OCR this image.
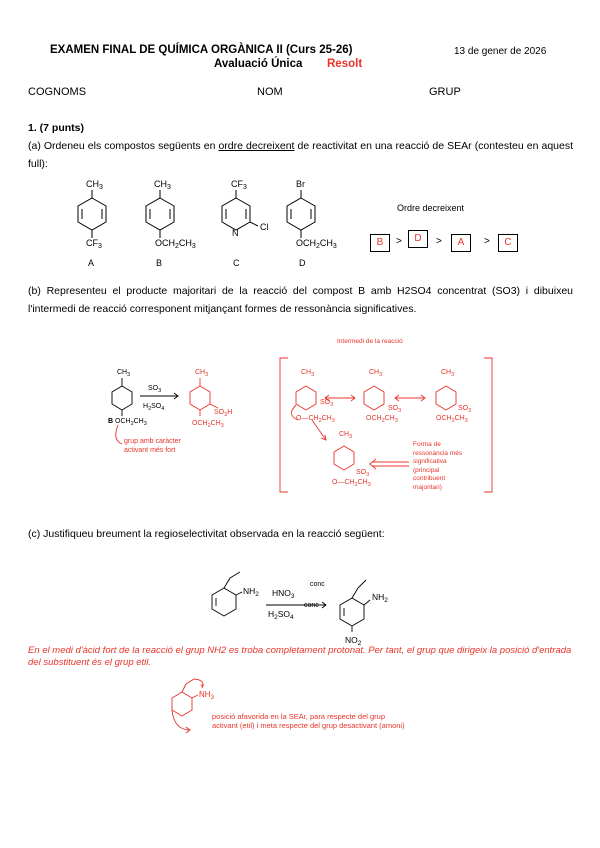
EXAMEN FINAL DE QUÍMICA ORGÀNICA II (Curs 25-26)
Avaluació Única Resolt
13 de gener de 2026
COGNOMS	NOM	GRUP
1. (7 punts)
(a) Ordeneu els compostos següents en ordre decreixent de reactivitat en una reacció de SEAr (contesteu en aquest full):
$CH_3$
$CF_3$
$CH_3$
$OCH_2CH_3$
$CF_3$
N
Cl
Br
$OCH_2CH_3$
A	B	C	D
$CH_3$
B $OCH_2CH_3$
$SO_3$
$H_2SO_4$
$CH_3$
$SO_3H$
$OCH_2CH_3$
$CH_3$	$CH_3$	$CH_3$
$SO_3$	$SO_3$	$SO_3$
$O—CH_2CH_3$	$OCH_2CH_3$	$OCH_2CH_3$
$CH_3$
$SO_3$
$O—CH_2CH_3$
$NH_2$	$NH_2$
$NO_2$
$HNO_3$
conc
$H_2SO_4$
conc
$NH_3$
+
Ordre decreixent
B	>	D	>	A	>	C
(b) Representeu el producte majoritari de la reacció del compost B amb H2SO4 concentrat (SO3) i dibuixeu l'intermedi de reacció corresponent mitjançant formes de ressonància significatives.
Intermedi de la reacció
grup amb caràcter
activant més fort
Forma de
ressonància més
significativa
(principal
contribuent
majoritari)
(c) Justifiqueu breument la regioselectivitat observada en la reacció següent:
En el medi d'àcid fort de la reacció el grup NH2 es troba completament protonat. Per tant, el grup que dirigeix la posició d'entrada del substituent és el grup etil.
posició afavorida en la SEAr, para respecte del grup
activant (etil) i meta respecte del grup desactivant (amoni)
